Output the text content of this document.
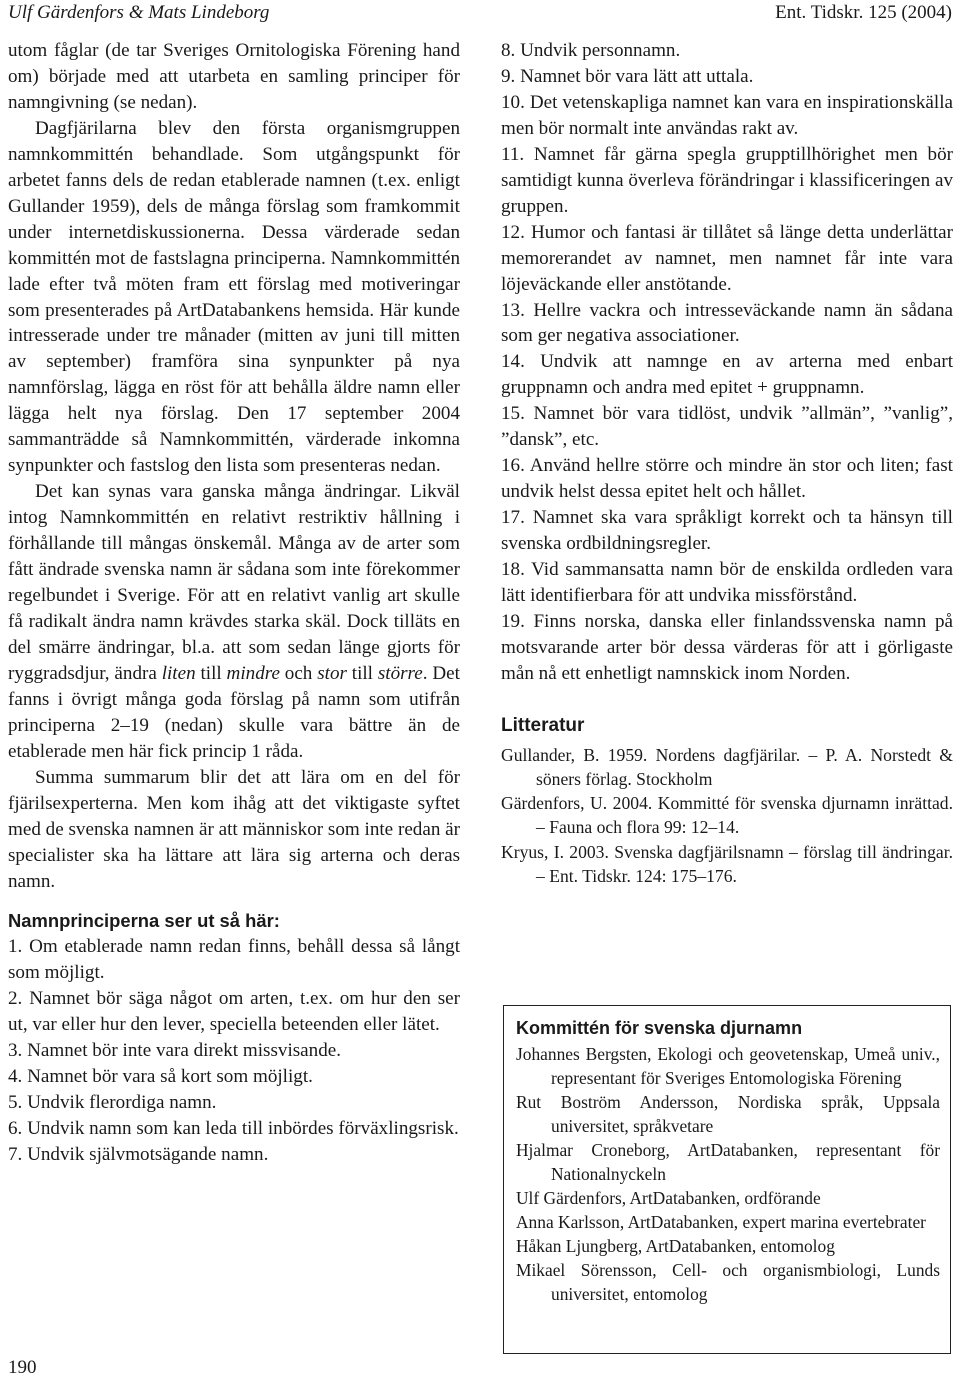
Ulf Gärdenfors & Mats Lindeborg	Ent. Tidskr. 125 (2004)

utom fåglar (de tar Sveriges Ornitologiska Förening hand om) började med att utarbeta en samling principer för namngivning (se nedan).

Dagfjärilarna blev den första organismgruppen namnkommittén behandlade. Som utgångspunkt för arbetet fanns dels de redan etablerade namnen (t.ex. enligt Gullander 1959), dels de många förslag som framkommit under internetdiskussionerna. Dessa värderade sedan kommittén mot de fastslagna principerna. Namnkommittén lade efter två möten fram ett förslag med motiveringar som presenterades på ArtDatabankens hemsida. Här kunde intresserade under tre månader (mitten av juni till mitten av september) framföra sina synpunkter på nya namnförslag, lägga en röst för att behålla äldre namn eller lägga helt nya förslag. Den 17 september 2004 sammanträdde så Namnkommittén, värderade inkomna synpunkter och fastslog den lista som presenteras nedan.

Det kan synas vara ganska många ändringar. Likväl intog Namnkommittén en relativt restriktiv hållning i förhållande till mångas önskemål. Många av de arter som fått ändrade svenska namn är sådana som inte förekommer regelbundet i Sverige. För att en relativt vanlig art skulle få radikalt ändra namn krävdes starka skäl. Dock tilläts en del smärre ändringar, bl.a. att som sedan länge gjorts för ryggradsdjur, ändra liten till mindre och stor till större. Det fanns i övrigt många goda förslag på namn som utifrån principerna 2–19 (nedan) skulle vara bättre än de etablerade men här fick princip 1 råda.

Summa summarum blir det att lära om en del för fjärilsexperterna. Men kom ihåg att det viktigaste syftet med de svenska namnen är att människor som inte redan är specialister ska ha lättare att lära sig arterna och deras namn.

Namnprinciperna ser ut så här:

1. Om etablerade namn redan finns, behåll dessa så långt som möjligt.

2. Namnet bör säga något om arten, t.ex. om hur den ser ut, var eller hur den lever, speciella beteenden eller lätet.

3. Namnet bör inte vara direkt missvisande.

4. Namnet bör vara så kort som möjligt.

5. Undvik flerordiga namn.

6. Undvik namn som kan leda till inbördes förväxlingsrisk.

7. Undvik självmotsägande namn.

190

8. Undvik personnamn.

9. Namnet bör vara lätt att uttala.

10. Det vetenskapliga namnet kan vara en inspirationskälla men bör normalt inte användas rakt av.

11. Namnet får gärna spegla grupptillhörighet men bör samtidigt kunna överleva förändringar i klassificeringen av gruppen.

12. Humor och fantasi är tillåtet så länge detta underlättar memorerandet av namnet, men namnet får inte vara löjeväckande eller anstötande.

13. Hellre vackra och intresseväckande namn än sådana som ger negativa associationer.

14. Undvik att namnge en av arterna med enbart gruppnamn och andra med epitet + gruppnamn.

15. Namnet bör vara tidlöst, undvik ”allmän”, ”vanlig”, ”dansk”, etc.

16. Använd hellre större och mindre än stor och liten; fast undvik helst dessa epitet helt och hållet.

17. Namnet ska vara språkligt korrekt och ta hänsyn till svenska ordbildningsregler.

18. Vid sammansatta namn bör de enskilda ordleden vara lätt identifierbara för att undvika missförstånd.

19. Finns norska, danska eller finlandssvenska namn på motsvarande arter bör dessa värderas för att i görligaste mån nå ett enhetligt namnskick inom Norden.

Litteratur

Gullander, B. 1959. Nordens dagfjärilar. – P. A. Norstedt & söners förlag. Stockholm

Gärdenfors, U. 2004. Kommitté för svenska djurnamn inrättad. – Fauna och flora 99: 12–14.

Kryus, I. 2003. Svenska dagfjärilsnamn – förslag till ändringar. – Ent. Tidskr. 124: 175–176.

Kommittén för svenska djurnamn

Johannes Bergsten, Ekologi och geovetenskap, Umeå univ., representant för Sveriges Entomologiska Förening

Rut Boström Andersson, Nordiska språk, Uppsala universitet, språkvetare

Hjalmar Croneborg, ArtDatabanken, representant för Nationalnyckeln

Ulf Gärdenfors, ArtDatabanken, ordförande

Anna Karlsson, ArtDatabanken, expert marina evertebrater

Håkan Ljungberg, ArtDatabanken, entomolog

Mikael Sörensson, Cell- och organismbiologi, Lunds universitet, entomolog
